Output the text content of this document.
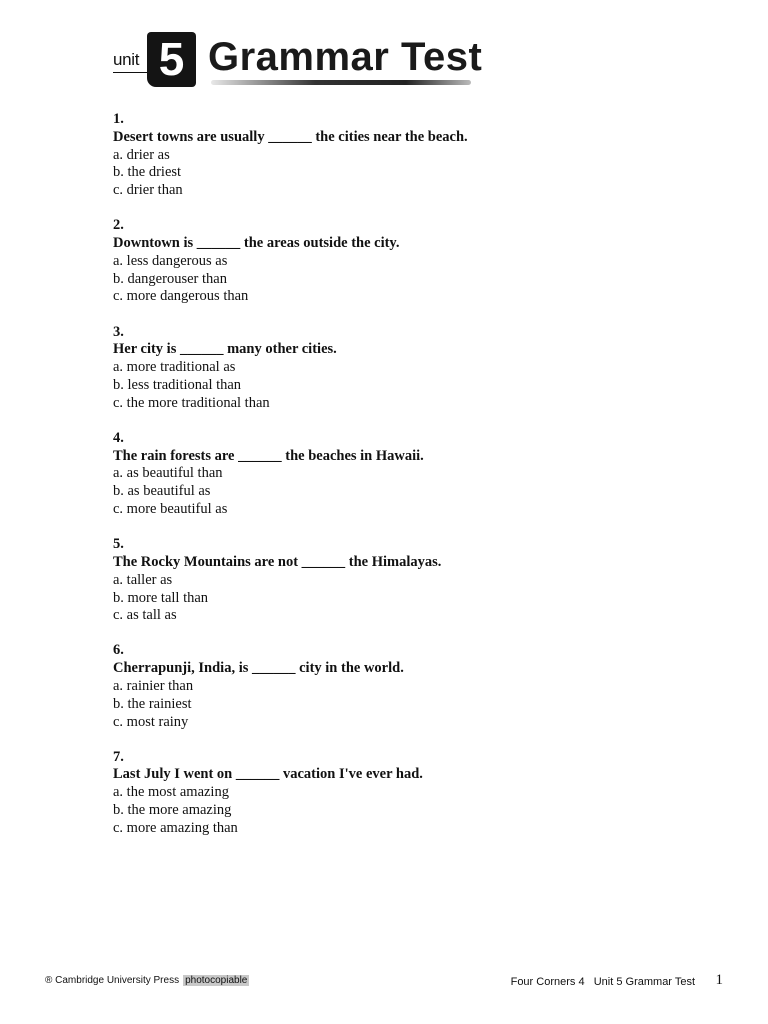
unit 5 Grammar Test
1.
Desert towns are usually ______ the cities near the beach.
a. drier as
b. the driest
c. drier than
2.
Downtown is ______ the areas outside the city.
a. less dangerous as
b. dangerouser than
c. more dangerous than
3.
Her city is ______ many other cities.
a. more traditional as
b. less traditional than
c. the more traditional than
4.
The rain forests are ______ the beaches in Hawaii.
a. as beautiful than
b. as beautiful as
c. more beautiful as
5.
The Rocky Mountains are not ______ the Himalayas.
a. taller as
b. more tall than
c. as tall as
6.
Cherrapunji, India, is ______ city in the world.
a. rainier than
b. the rainiest
c. most rainy
7.
Last July I went on ______ vacation I've ever had.
a. the most amazing
b. the more amazing
c. more amazing than
® Cambridge University Press photocopiable	Four Corners 4   Unit 5 Grammar Test 1
